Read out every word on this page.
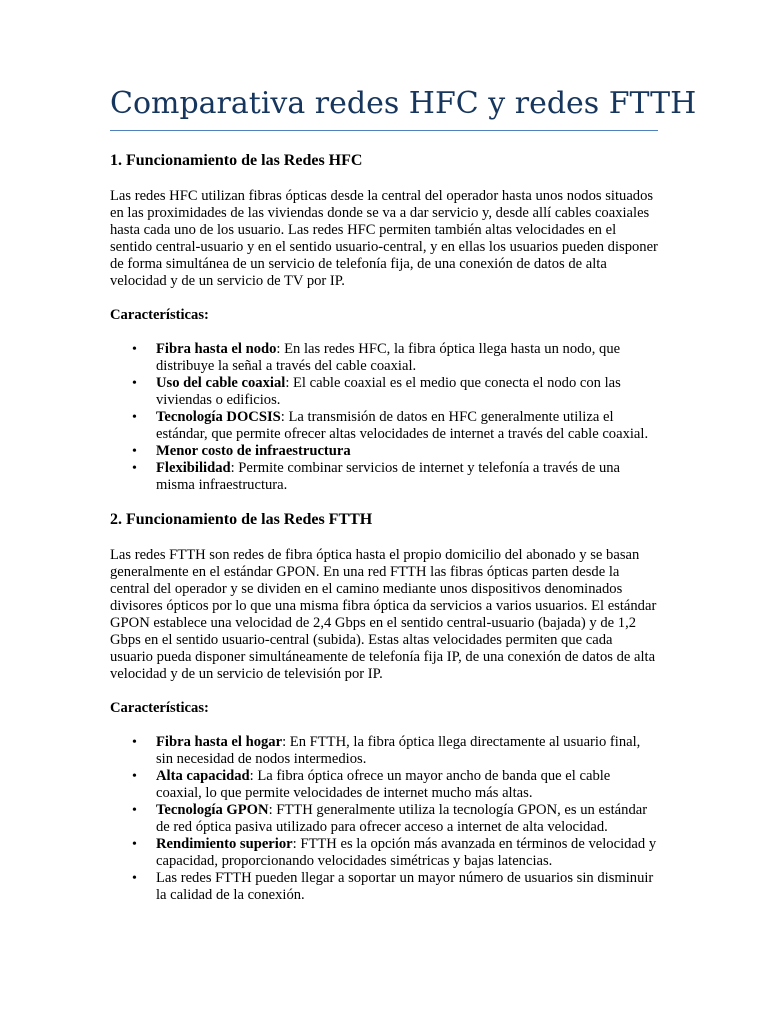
Comparativa redes HFC y redes FTTH
1. Funcionamiento de las Redes HFC

Las redes HFC utilizan fibras ópticas desde la central del operador hasta unos nodos situados en las proximidades de las viviendas donde se va a dar servicio y, desde allí cables coaxiales hasta cada uno de los usuario. Las redes HFC permiten también altas velocidades en el sentido central-usuario y en el sentido usuario-central, y en ellas los usuarios pueden disponer de forma simultánea de un servicio de telefonía fija, de una conexión de datos de alta velocidad y de un servicio de TV por IP.

Características:

• Fibra hasta el nodo: En las redes HFC, la fibra óptica llega hasta un nodo, que distribuye la señal a través del cable coaxial.
• Uso del cable coaxial: El cable coaxial es el medio que conecta el nodo con las viviendas o edificios.
• Tecnología DOCSIS: La transmisión de datos en HFC generalmente utiliza el estándar, que permite ofrecer altas velocidades de internet a través del cable coaxial.
• Menor costo de infraestructura
• Flexibilidad: Permite combinar servicios de internet y telefonía a través de una misma infraestructura.
2. Funcionamiento de las Redes FTTH

Las redes FTTH son redes de fibra óptica hasta el propio domicilio del abonado y se basan generalmente en el estándar GPON. En una red FTTH las fibras ópticas parten desde la central del operador y se dividen en el camino mediante unos dispositivos denominados divisores ópticos por lo que una misma fibra óptica da servicios a varios usuarios. El estándar GPON establece una velocidad de 2,4 Gbps en el sentido central-usuario (bajada) y de 1,2 Gbps en el sentido usuario-central (subida). Estas altas velocidades permiten que cada usuario pueda disponer simultáneamente de telefonía fija IP, de una conexión de datos de alta velocidad y de un servicio de televisión por IP.

Características:

• Fibra hasta el hogar: En FTTH, la fibra óptica llega directamente al usuario final, sin necesidad de nodos intermedios.
• Alta capacidad: La fibra óptica ofrece un mayor ancho de banda que el cable coaxial, lo que permite velocidades de internet mucho más altas.
• Tecnología GPON: FTTH generalmente utiliza la tecnología GPON, es un estándar de red óptica pasiva utilizado para ofrecer acceso a internet de alta velocidad.
• Rendimiento superior: FTTH es la opción más avanzada en términos de velocidad y capacidad, proporcionando velocidades simétricas y bajas latencias.
• Las redes FTTH pueden llegar a soportar un mayor número de usuarios sin disminuir la calidad de la conexión.
